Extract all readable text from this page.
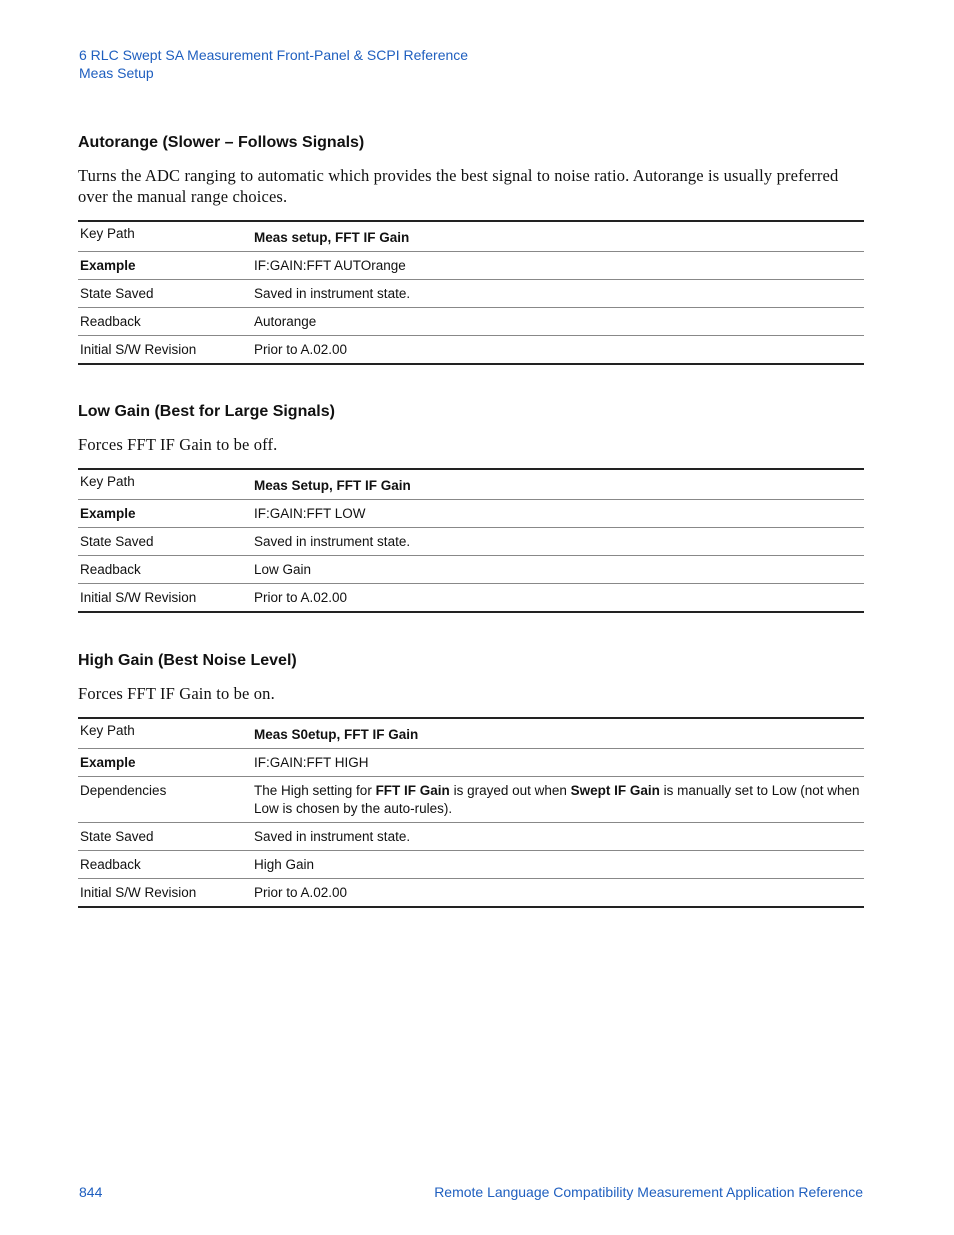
6 RLC Swept SA Measurement Front-Panel & SCPI Reference
Meas Setup
Autorange (Slower – Follows Signals)

Turns the ADC ranging to automatic which provides the best signal to noise ratio. Autorange is usually preferred over the manual range choices.

Key Path	Meas setup, FFT IF Gain
Example	IF:GAIN:FFT AUTOrange
State Saved	Saved in instrument state.
Readback	Autorange
Initial S/W Revision	Prior to A.02.00
Low Gain (Best for Large Signals)

Forces FFT IF Gain to be off.

Key Path	Meas Setup, FFT IF Gain
Example	IF:GAIN:FFT LOW
State Saved	Saved in instrument state.
Readback	Low Gain
Initial S/W Revision	Prior to A.02.00
High Gain (Best Noise Level)

Forces FFT IF Gain to be on.

Key Path	Meas S0etup, FFT IF Gain
Example	IF:GAIN:FFT HIGH
Dependencies	The High setting for FFT IF Gain is grayed out when Swept IF Gain is manually set to Low (not when Low is chosen by the auto-rules).
State Saved	Saved in instrument state.
Readback	High Gain
Initial S/W Revision	Prior to A.02.00
844	Remote Language Compatibility Measurement Application Reference
